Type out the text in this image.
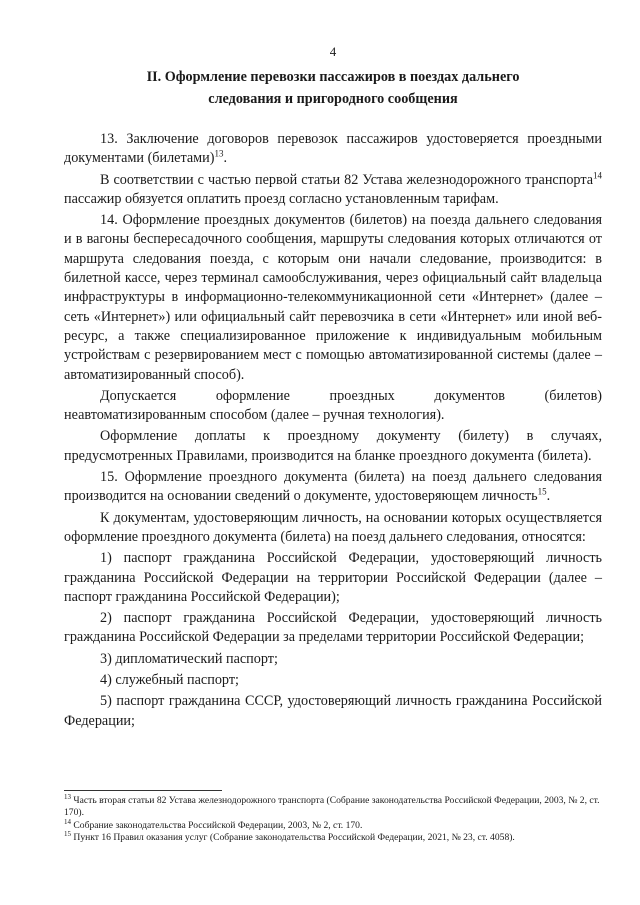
4
II. Оформление перевозки пассажиров в поездах дальнего
следования и пригородного сообщения

13. Заключение договоров перевозок пассажиров удостоверяется проездными документами (билетами)$^{13}$.

В соответствии с частью первой статьи 82 Устава железнодорожного транспорта$^{14}$ пассажир обязуется оплатить проезд согласно установленным тарифам.

14. Оформление проездных документов (билетов) на поезда дальнего следования и в вагоны беспересадочного сообщения, маршруты следования которых отличаются от маршрута следования поезда, с которым они начали следование, производится: в билетной кассе, через терминал самообслуживания, через официальный сайт владельца инфраструктуры в информационно-телекоммуникационной сети «Интернет» (далее – сеть «Интернет») или официальный сайт перевозчика в сети «Интернет» или иной веб-ресурс, а также специализированное приложение к индивидуальным мобильным устройствам с резервированием мест с помощью автоматизированной системы (далее – автоматизированный способ).

Допускается оформление проездных документов (билетов) неавтоматизированным способом (далее – ручная технология).

Оформление доплаты к проездному документу (билету) в случаях, предусмотренных Правилами, производится на бланке проездного документа (билета).

15. Оформление проездного документа (билета) на поезд дальнего следования производится на основании сведений о документе, удостоверяющем личность$^{15}$.

К документам, удостоверяющим личность, на основании которых осуществляется оформление проездного документа (билета) на поезд дальнего следования, относятся:

1) паспорт гражданина Российской Федерации, удостоверяющий личность гражданина Российской Федерации на территории Российской Федерации (далее – паспорт гражданина Российской Федерации);

2) паспорт гражданина Российской Федерации, удостоверяющий личность гражданина Российской Федерации за пределами территории Российской Федерации;

3) дипломатический паспорт;

4) служебный паспорт;

5) паспорт гражданина СССР, удостоверяющий личность гражданина Российской Федерации;

$^{13}$ Часть вторая статьи 82 Устава железнодорожного транспорта (Собрание законодательства Российской Федерации, 2003, № 2, ст. 170).
$^{14}$ Собрание законодательства Российской Федерации, 2003, № 2, ст. 170.
$^{15}$ Пункт 16 Правил оказания услуг (Собрание законодательства Российской Федерации, 2021, № 23, ст. 4058).
